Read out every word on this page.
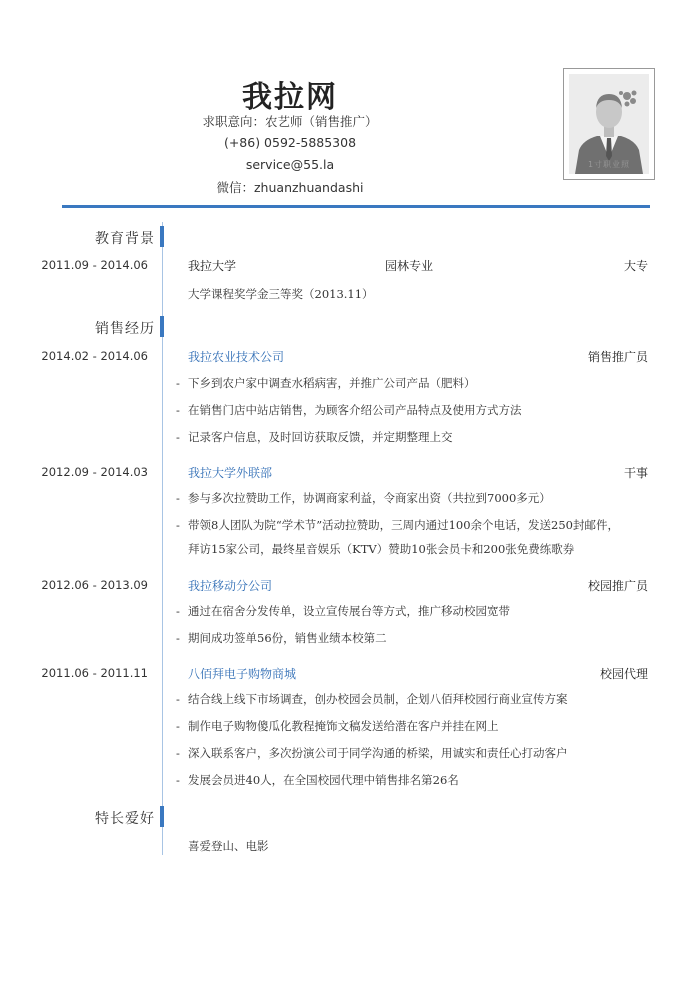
我拉网
求职意向：农艺师（销售推广）
(+86) 0592-5885308
service@55.la
微信：zhuanzhuandashi
1寸职业照
教育背景
2011.09 - 2014.06	我拉大学	园林专业	大专
大学课程奖学金三等奖（2013.11）
销售经历
2014.02 - 2014.06	我拉农业技术公司	销售推广员
- 下乡到农户家中调查水稻病害，并推广公司产品（肥料）
- 在销售门店中站店销售，为顾客介绍公司产品特点及使用方式方法
- 记录客户信息，及时回访获取反馈，并定期整理上交
2012.09 - 2014.03	我拉大学外联部	干事
- 参与多次拉赞助工作，协调商家利益，令商家出资（共拉到7000多元）
- 带领8人团队为院“学术节”活动拉赞助，三周内通过100余个电话，发送250封邮件，
拜访15家公司，最终星音娱乐（KTV）赞助10张会员卡和200张免费练歌券
2012.06 - 2013.09	我拉移动分公司	校园推广员
- 通过在宿舍分发传单，设立宣传展台等方式，推广移动校园宽带
- 期间成功签单56份，销售业绩本校第二
2011.06 - 2011.11	八佰拜电子购物商城	校园代理
- 结合线上线下市场调查，创办校园会员制，企划八佰拜校园行商业宣传方案
- 制作电子购物傻瓜化教程掩饰文稿发送给潜在客户并挂在网上
- 深入联系客户，多次扮演公司于同学沟通的桥梁，用诚实和责任心打动客户
- 发展会员进40人，在全国校园代理中销售排名第26名
特长爱好
喜爱登山、电影
